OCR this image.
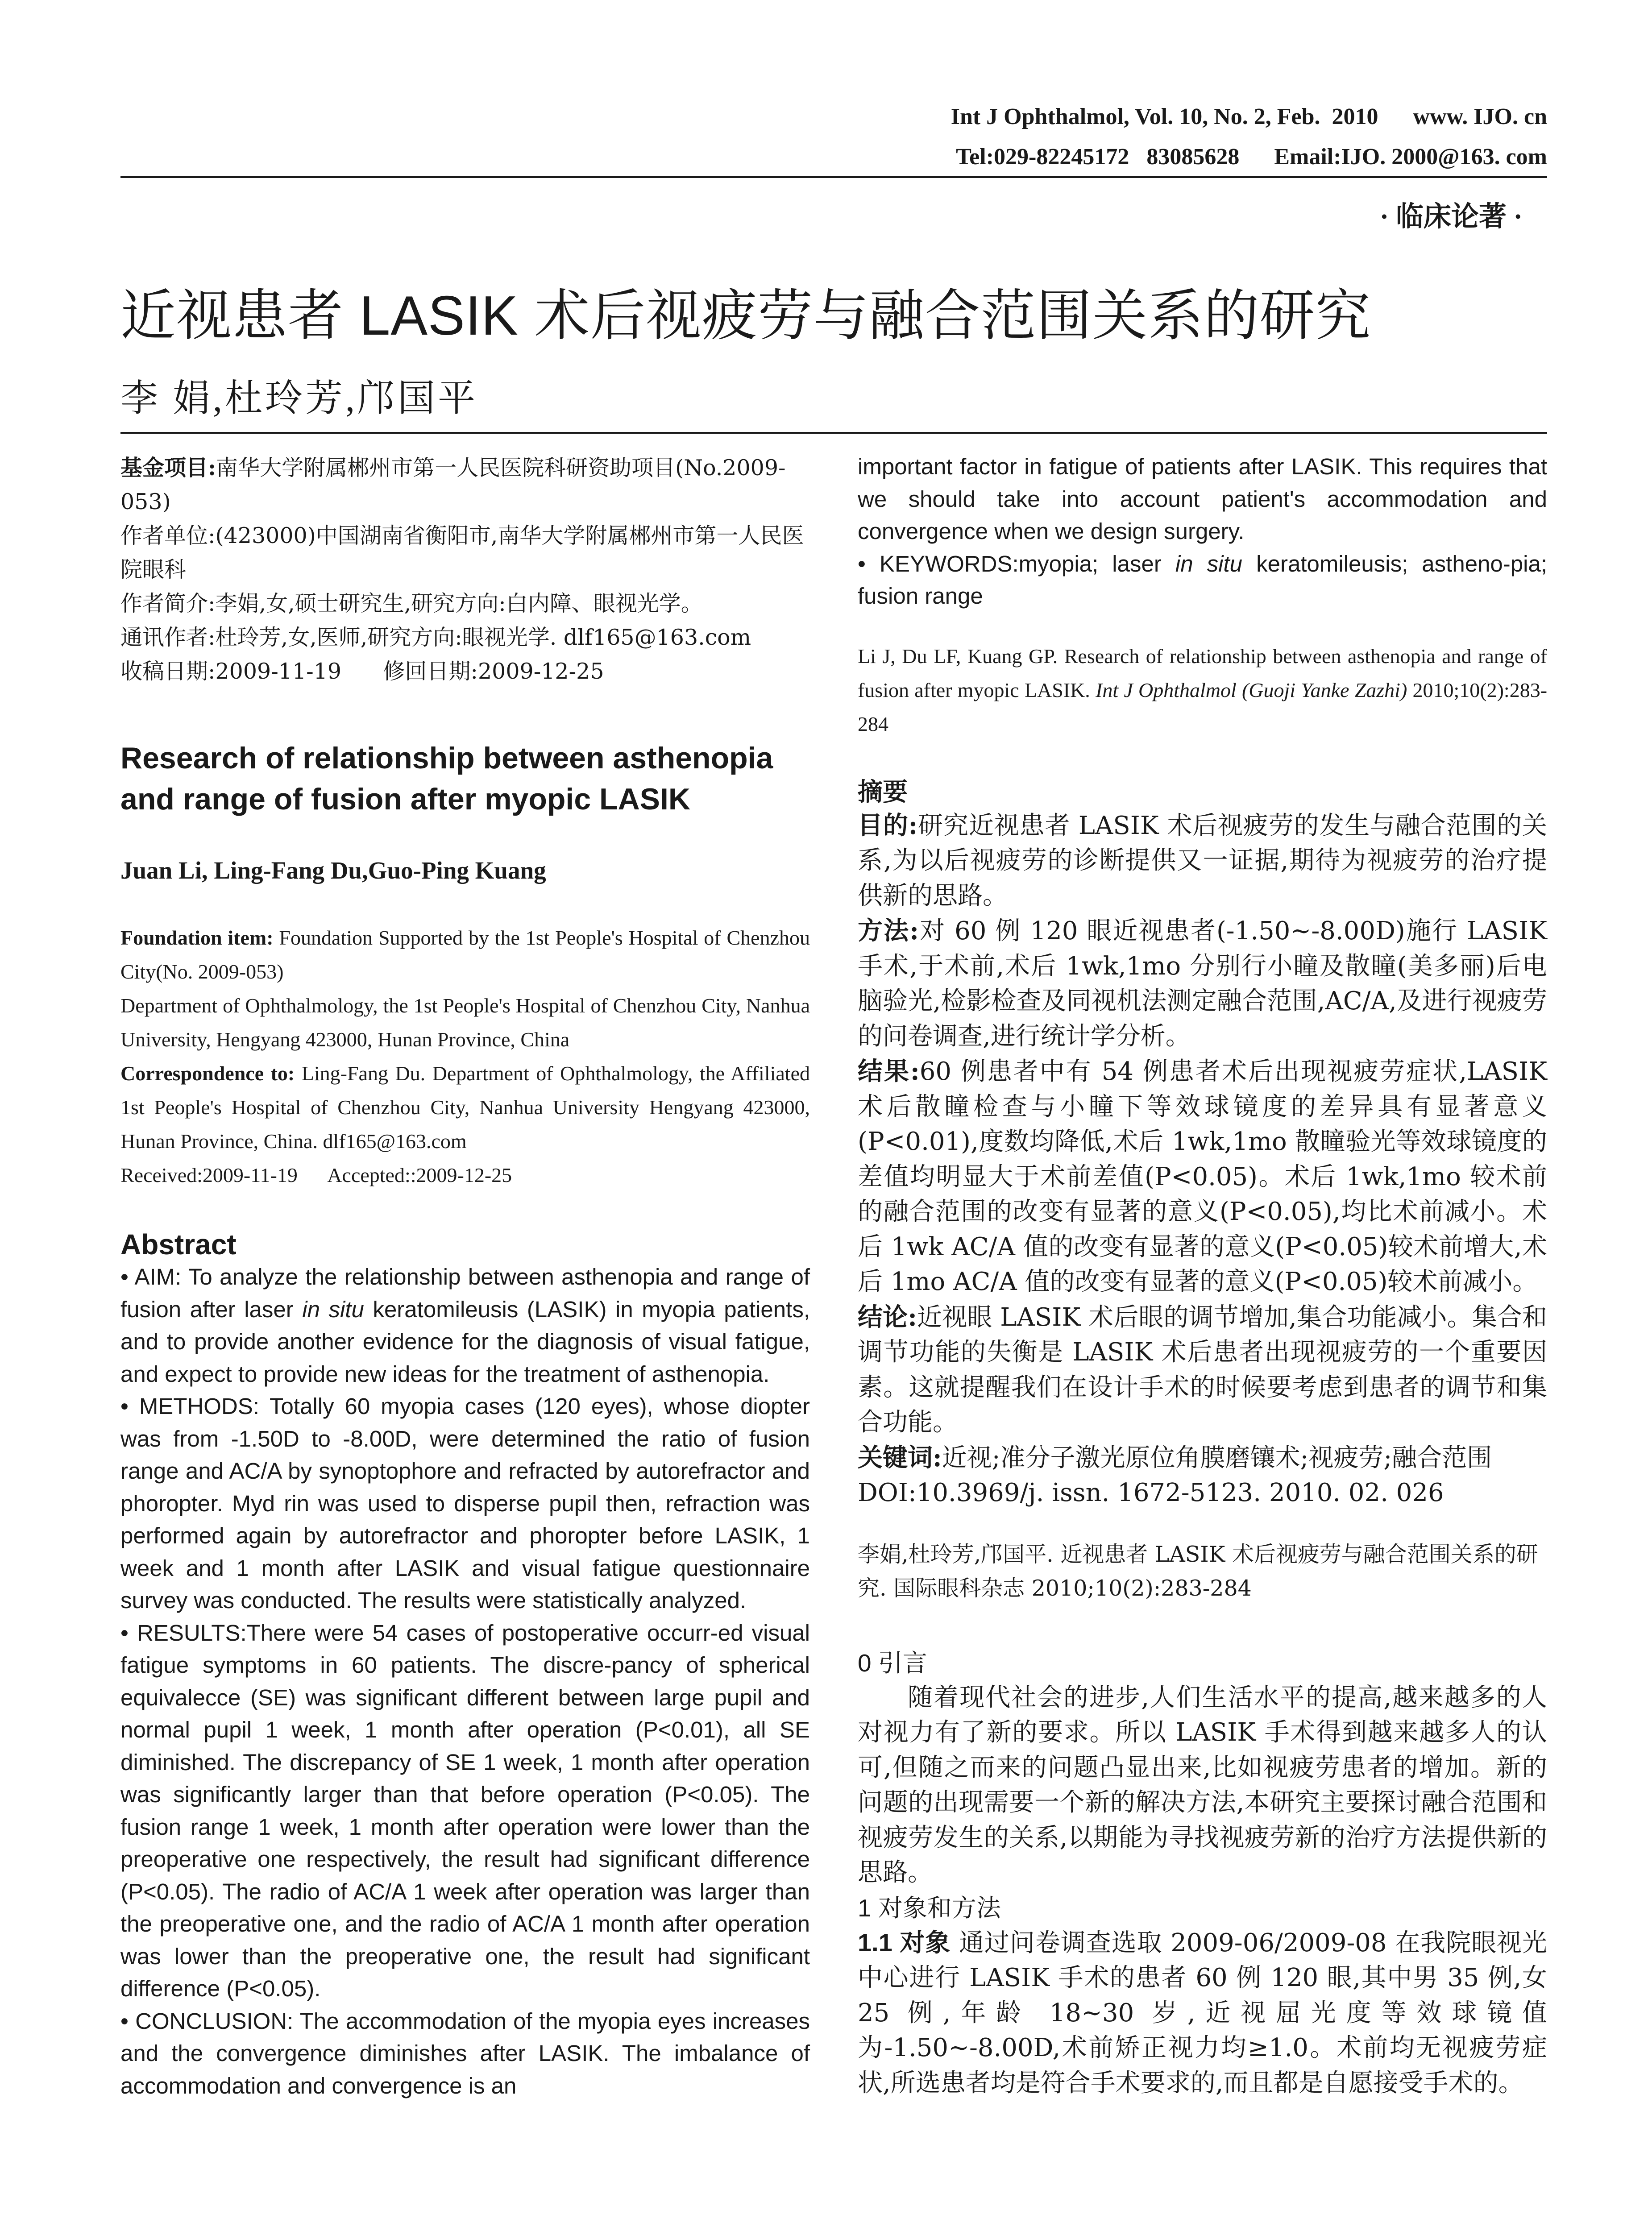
Int J Ophthalmol, Vol. 10, No. 2, Feb.  2010      www. IJO. cn
Tel:029-82245172   83085628      Email:IJO. 2000@163. com
· 临床论著 ·
近视患者 LASIK 术后视疲劳与融合范围关系的研究
李 娟,杜玲芳,邝国平

基金项目:南华大学附属郴州市第一人民医院科研资助项目(No.2009-053)

作者单位:(423000)中国湖南省衡阳市,南华大学附属郴州市第一人民医院眼科

作者简介:李娟,女,硕士研究生,研究方向:白内障、眼视光学。

通讯作者:杜玲芳,女,医师,研究方向:眼视光学. dlf165@163.com

收稿日期:2009-11-19      修回日期:2009-12-25

Research of relationship between asthenopia and range of fusion after myopic LASIK

Juan Li, Ling-Fang Du,Guo-Ping Kuang

Foundation item: Foundation Supported by the 1st People's Hospital of Chenzhou City(No. 2009-053)

Department of Ophthalmology, the 1st People's Hospital of Chenzhou City, Nanhua University, Hengyang 423000, Hunan Province, China

Correspondence to: Ling-Fang Du. Department of Ophthalmology, the Affiliated 1st People's Hospital of Chenzhou City, Nanhua University Hengyang 423000, Hunan Province, China. dlf165@163.com

Received:2009-11-19      Accepted::2009-12-25

Abstract

• AIM: To analyze the relationship between asthenopia and range of fusion after laser in situ keratomileusis (LASIK) in myopia patients, and to provide another evidence for the diagnosis of visual fatigue, and expect to provide new ideas for the treatment of asthenopia.

• METHODS: Totally 60 myopia cases (120 eyes), whose diopter was from -1.50D to -8.00D, were determined the ratio of fusion range and AC/A by synoptophore and refracted by autorefractor and phoropter. Myd rin was used to disperse pupil then, refraction was performed again by autorefractor and phoropter before LASIK, 1 week and 1 month after LASIK and visual fatigue questionnaire survey was conducted. The results were statistically analyzed.

• RESULTS:There were 54 cases of postoperative occurr-ed visual fatigue symptoms in 60 patients. The discre-pancy of spherical equivalecce (SE) was significant different between large pupil and normal pupil 1 week, 1 month after operation (P<0.01), all SE diminished. The discrepancy of SE 1 week, 1 month after operation was significantly larger than that before operation (P<0.05). The fusion range 1 week, 1 month after operation were lower than the preoperative one respectively, the result had significant difference (P<0.05). The radio of AC/A 1 week after operation was larger than the preoperative one, and the radio of AC/A 1 month after operation was lower than the preoperative one, the result had significant difference (P<0.05).

• CONCLUSION: The accommodation of the myopia eyes increases and the convergence diminishes after LASIK. The imbalance of accommodation and convergence is an

important factor in fatigue of patients after LASIK. This requires that we should take into account patient's accommodation and convergence when we design surgery.

• KEYWORDS:myopia; laser in situ keratomileusis; astheno-pia; fusion range

Li J, Du LF, Kuang GP. Research of relationship between asthenopia and range of fusion after myopic LASIK. Int J Ophthalmol (Guoji Yanke Zazhi) 2010;10(2):283-284

摘要

目的:研究近视患者 LASIK 术后视疲劳的发生与融合范围的关系,为以后视疲劳的诊断提供又一证据,期待为视疲劳的治疗提供新的思路。

方法:对 60 例 120 眼近视患者(-1.50~-8.00D)施行 LASIK 手术,于术前,术后 1wk,1mo 分别行小瞳及散瞳(美多丽)后电脑验光,检影检查及同视机法测定融合范围,AC/A,及进行视疲劳的问卷调查,进行统计学分析。

结果:60 例患者中有 54 例患者术后出现视疲劳症状,LASIK 术后散瞳检查与小瞳下等效球镜度的差异具有显著意义(P<0.01),度数均降低,术后 1wk,1mo 散瞳验光等效球镜度的差值均明显大于术前差值(P<0.05)。术后 1wk,1mo 较术前的融合范围的改变有显著的意义(P<0.05),均比术前减小。术后 1wk AC/A 值的改变有显著的意义(P<0.05)较术前增大,术后 1mo AC/A 值的改变有显著的意义(P<0.05)较术前减小。

结论:近视眼 LASIK 术后眼的调节增加,集合功能减小。集合和调节功能的失衡是 LASIK 术后患者出现视疲劳的一个重要因素。这就提醒我们在设计手术的时候要考虑到患者的调节和集合功能。

关键词:近视;准分子激光原位角膜磨镶术;视疲劳;融合范围

DOI:10.3969/j. issn. 1672-5123. 2010. 02. 026

李娟,杜玲芳,邝国平. 近视患者 LASIK 术后视疲劳与融合范围关系的研究. 国际眼科杂志 2010;10(2):283-284

0 引言

随着现代社会的进步,人们生活水平的提高,越来越多的人对视力有了新的要求。所以 LASIK 手术得到越来越多人的认可,但随之而来的问题凸显出来,比如视疲劳患者的增加。新的问题的出现需要一个新的解决方法,本研究主要探讨融合范围和视疲劳发生的关系,以期能为寻找视疲劳新的治疗方法提供新的思路。

1 对象和方法

1.1 对象 通过问卷调查选取 2009-06/2009-08 在我院眼视光中心进行 LASIK 手术的患者 60 例 120 眼,其中男 35 例,女 25 例,年龄 18~30 岁,近视屈光度等效球镜值为-1.50~-8.00D,术前矫正视力均≥1.0。术前均无视疲劳症状,所选患者均是符合手术要求的,而且都是自愿接受手术的。
